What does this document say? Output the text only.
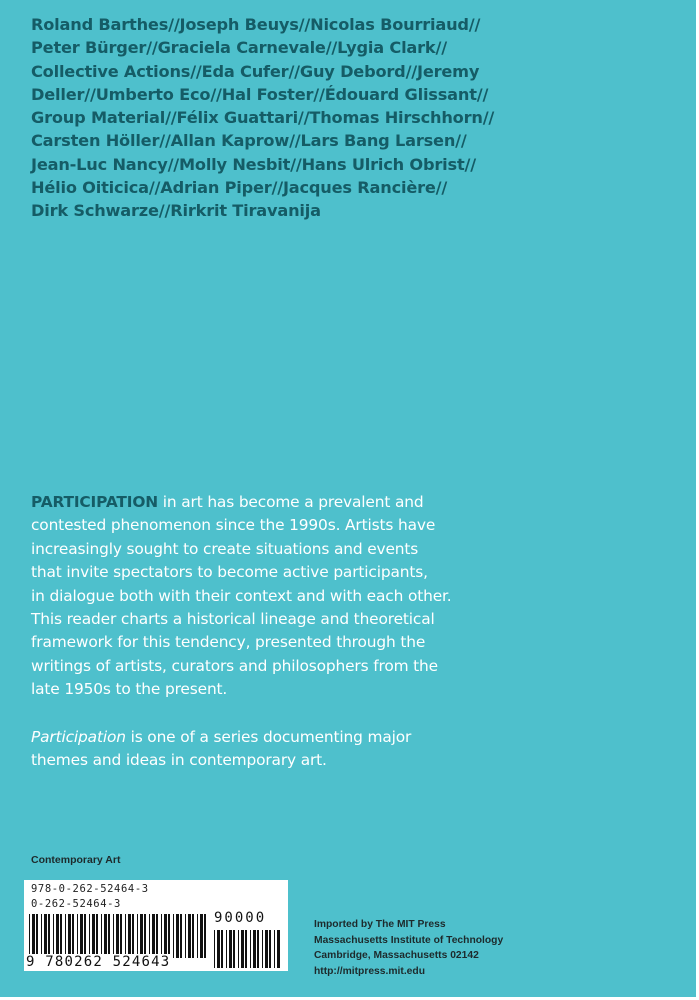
Roland Barthes//Joseph Beuys//Nicolas Bourriaud//
Peter Bürger//Graciela Carnevale//Lygia Clark//
Collective Actions//Eda Cufer//Guy Debord//Jeremy
Deller//Umberto Eco//Hal Foster//Édouard Glissant//
Group Material//Félix Guattari//Thomas Hirschhorn//
Carsten Höller//Allan Kaprow//Lars Bang Larsen//
Jean-Luc Nancy//Molly Nesbit//Hans Ulrich Obrist//
Hélio Oiticica//Adrian Piper//Jacques Rancière//
Dirk Schwarze//Rirkrit Tiravanija
PARTICIPATION in art has become a prevalent and
contested phenomenon since the 1990s. Artists have
increasingly sought to create situations and events
that invite spectators to become active participants,
in dialogue both with their context and with each other.
This reader charts a historical lineage and theoretical
framework for this tendency, presented through the
writings of artists, curators and philosophers from the
late 1950s to the present.
Participation is one of a series documenting major
themes and ideas in contemporary art.
Contemporary Art
978-0-262-52464-3
0-262-52464-3
9 780262 524643
90000	Imported by The MIT Press
Massachusetts Institute of Technology
Cambridge, Massachusetts 02142
http://mitpress.mit.edu
